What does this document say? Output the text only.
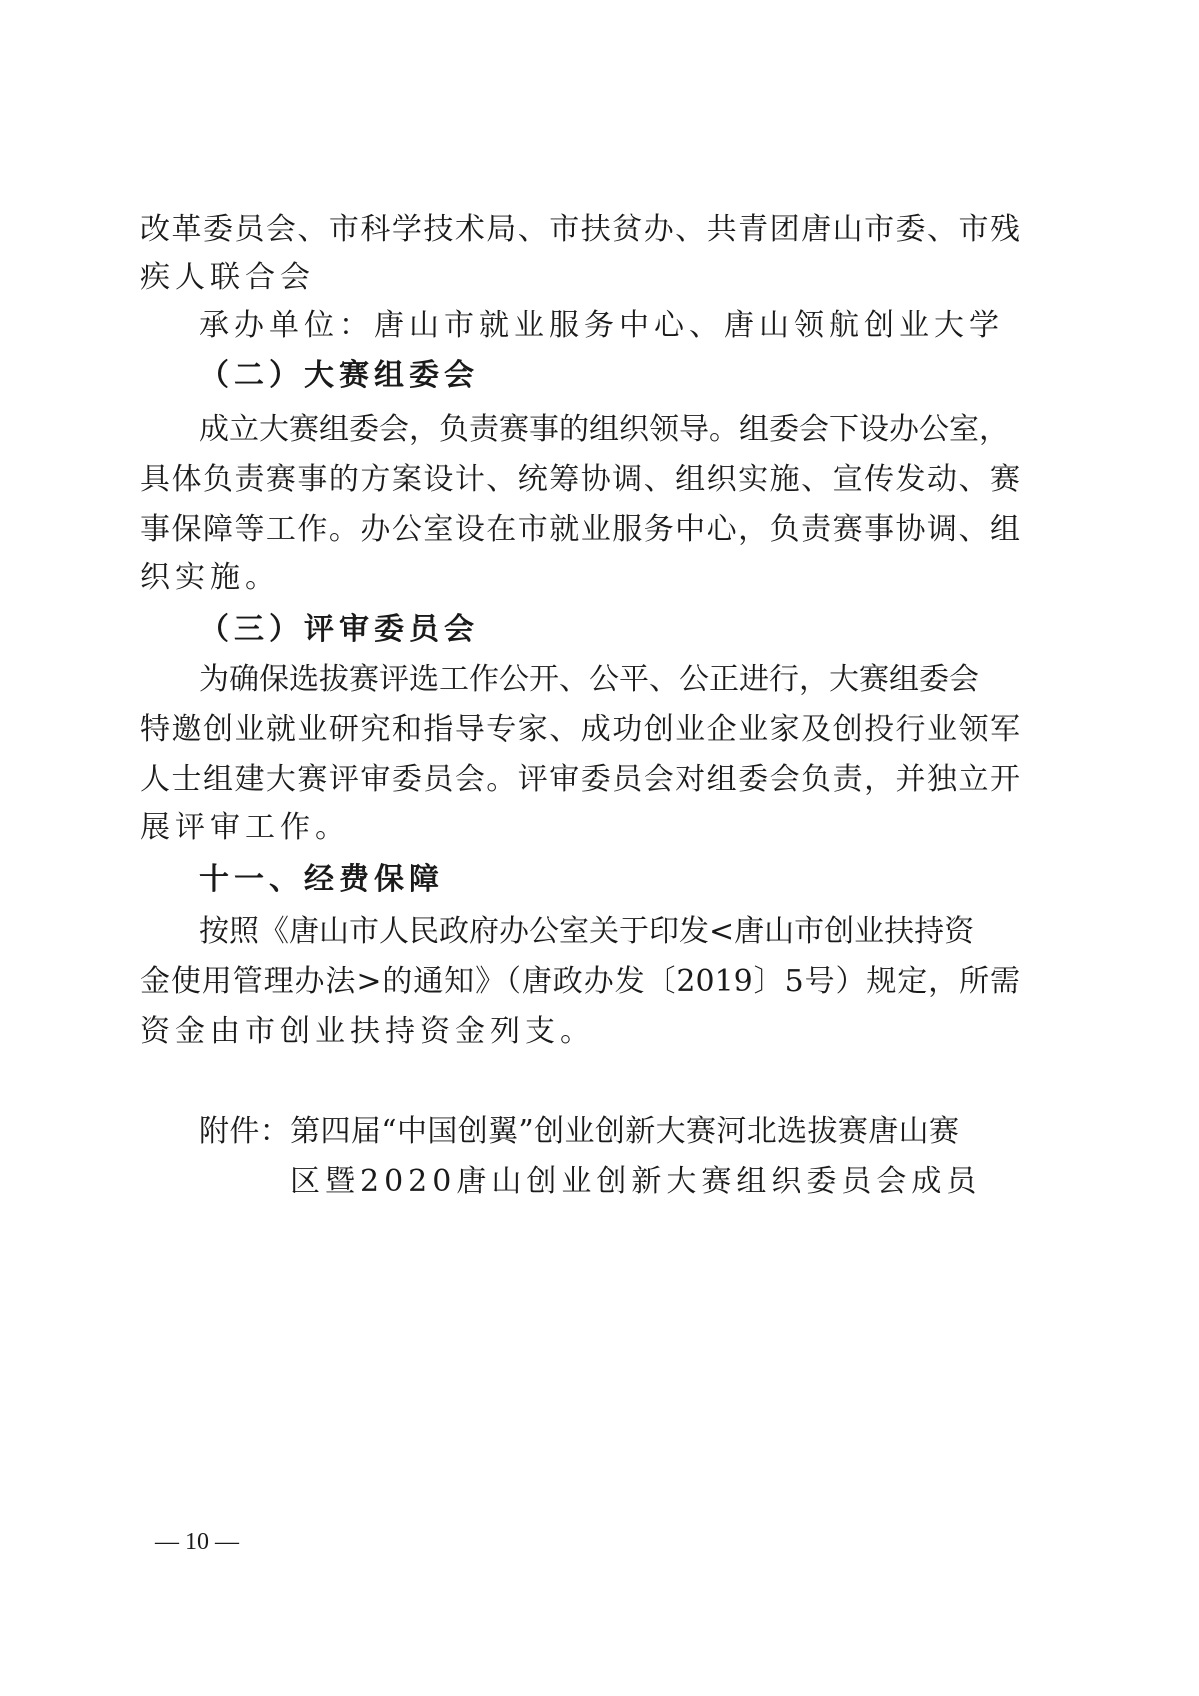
改革委员会、市科学技术局、市扶贫办、共青团唐山市委、市残
疾人联合会
承办单位：唐山市就业服务中心、唐山领航创业大学
（二）大赛组委会
成立大赛组委会，负责赛事的组织领导。组委会下设办公室，
具体负责赛事的方案设计、统筹协调、组织实施、宣传发动、赛
事保障等工作。办公室设在市就业服务中心，负责赛事协调、组
织实施。
（三）评审委员会
为确保选拔赛评选工作公开、公平、公正进行，大赛组委会
特邀创业就业研究和指导专家、成功创业企业家及创投行业领军
人士组建大赛评审委员会。评审委员会对组委会负责，并独立开
展评审工作。
十一、经费保障
按照《唐山市人民政府办公室关于印发<唐山市创业扶持资
金使用管理办法>的通知》（唐政办发〔2019〕5号）规定，所需
资金由市创业扶持资金列支。
附件：第四届“中国创翼”创业创新大赛河北选拔赛唐山赛
区暨2020唐山创业创新大赛组织委员会成员
— 10 —
